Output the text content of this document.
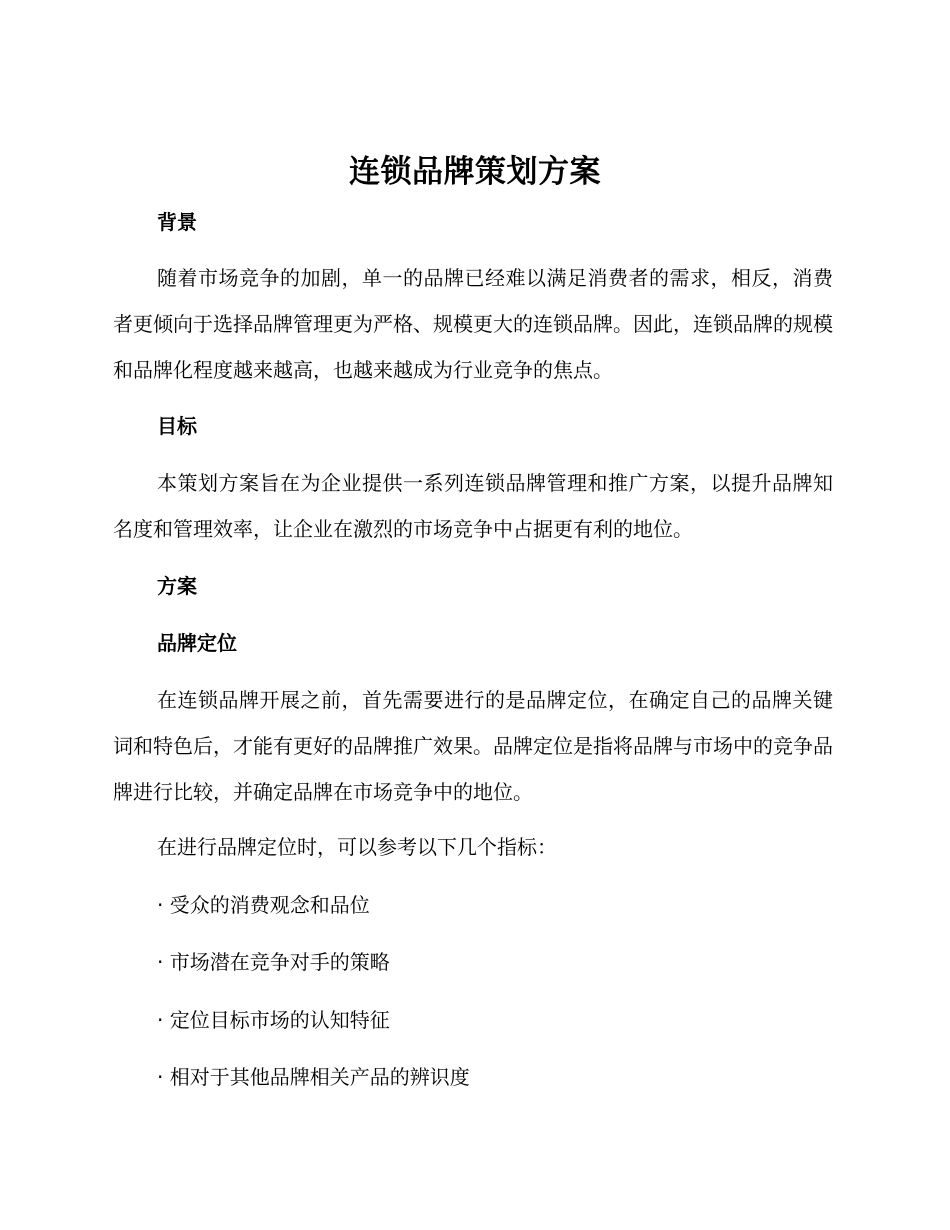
连锁品牌策划方案
背景

随着市场竞争的加剧，单一的品牌已经难以满足消费者的需求，相反，消费者更倾向于选择品牌管理更为严格、规模更大的连锁品牌。因此，连锁品牌的规模和品牌化程度越来越高，也越来越成为行业竞争的焦点。

目标

本策划方案旨在为企业提供一系列连锁品牌管理和推广方案，以提升品牌知名度和管理效率，让企业在激烈的市场竞争中占据更有利的地位。

方案
品牌定位

在连锁品牌开展之前，首先需要进行的是品牌定位，在确定自己的品牌关键词和特色后，才能有更好的品牌推广效果。品牌定位是指将品牌与市场中的竞争品牌进行比较，并确定品牌在市场竞争中的地位。

在进行品牌定位时，可以参考以下几个指标：
· 受众的消费观念和品位
· 市场潜在竞争对手的策略
· 定位目标市场的认知特征
· 相对于其他品牌相关产品的辨识度
